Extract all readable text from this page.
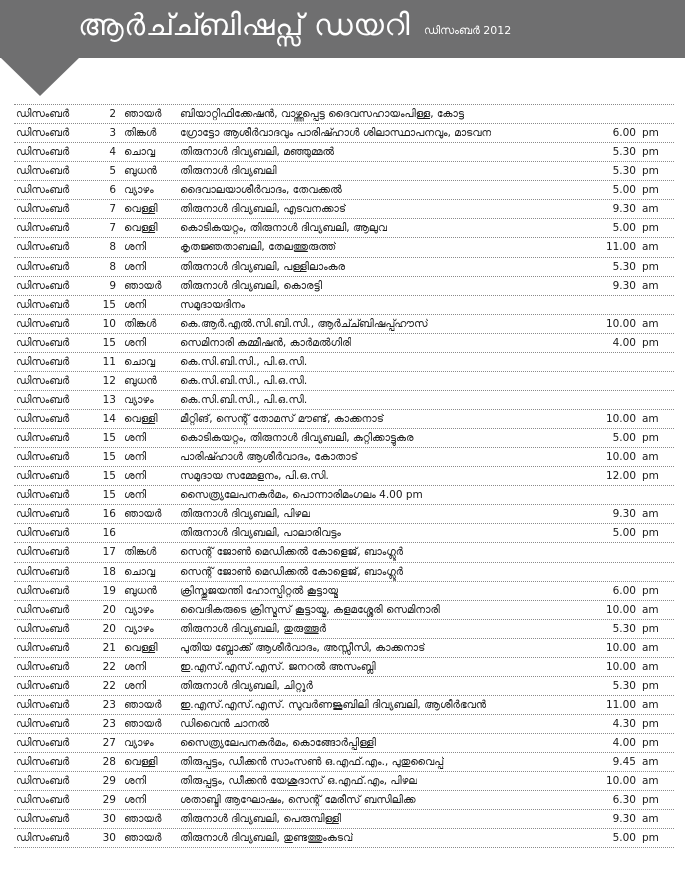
ആർച്ച്ബിഷപ്സ് ഡയറി ഡിസംബർ 2012
ഡിസംബർ	2 ഞായർ ബിയാറ്റിഫിക്കേഷൻ, വാഴ്ത്തപ്പെട്ട ദൈവസഹായംപിള്ള, കോട്ട
ഡിസംബർ	3 തിങ്കൾ ഗ്രോട്ടോ ആശീർവാദവും പാരിഷ്ഹാൾ ശിലാസ്ഥാപനവും, മാടവന	6.00 pm
ഡിസംബർ	4 ചൊവ്വ തിരുനാൾ ദിവ്യബലി, മഞ്ഞുമ്മൽ	5.30 pm
ഡിസംബർ	5 ബുധൻ തിരുനാൾ ദിവ്യബലി	5.30 pm
ഡിസംബർ	6 വ്യാഴം	ദൈവാലയാശീർവാദം, തേവക്കൽ	5.00 pm
ഡിസംബർ	7 വെള്ളി തിരുനാൾ ദിവ്യബലി, എടവനക്കാട്	9.30 am
ഡിസംബർ	7 വെള്ളി കൊടികയറ്റം, തിരുനാൾ ദിവ്യബലി, ആലുവ	5.00 pm
ഡിസംബർ	8 ശനി	കൃതജ്ഞതാബലി, തേലത്തുരുത്ത്	11.00 am
ഡിസംബർ	8 ശനി	തിരുനാൾ ദിവ്യബലി, പള്ളിലാംകര	5.30 pm
ഡിസംബർ	9 ഞായർ തിരുനാൾ ദിവ്യബലി, കൊരട്ടി	9.30 am
ഡിസംബർ	15 ശനി	സമുദായദിനം
ഡിസംബർ	10 തിങ്കൾ കെ.ആർ.എൽ.സി.ബി.സി., ആർച്ച്ബിഷപ്പ്ഹൗസ്	10.00 am
ഡിസംബർ	15 ശനി	സെമിനാരി കമ്മീഷൻ, കാർമൽഗിരി	4.00 pm
ഡിസംബർ	11 ചൊവ്വ കെ.സി.ബി.സി., പി.ഒ.സി.
ഡിസംബർ	12 ബുധൻ കെ.സി.ബി.സി., പി.ഒ.സി.
ഡിസംബർ	13 വ്യാഴം	കെ.സി.ബി.സി., പി.ഒ.സി.
ഡിസംബർ	14 വെള്ളി മീറ്റിങ്, സെന്റ് തോമസ് മൗണ്ട്, കാക്കനാട്	10.00 am
ഡിസംബർ	15 ശനി	കൊടികയറ്റം, തിരുനാൾ ദിവ്യബലി, കുറ്റിക്കാട്ടുകര	5.00 pm
ഡിസംബർ	15 ശനി	പാരിഷ്ഹാൾ ആശീർവാദം, കോതാട്	10.00 am
ഡിസംബർ	15 ശനി	സമുദായ സമ്മേളനം, പി.ഒ.സി.	12.00 pm
ഡിസംബർ	15 ശനി	സൈത്ര്യലേപനകർമം, പൊന്നാരിമംഗലം 4.00 pm
ഡിസംബർ	16 ഞായർ തിരുനാൾ ദിവ്യബലി, പിഴല	9.30 am
ഡിസംബർ	16	തിരുനാൾ ദിവ്യബലി, പാലാരിവട്ടം	5.00 pm
ഡിസംബർ	17 തിങ്കൾ സെന്റ് ജോൺ മെഡിക്കൽ കോളെജ്, ബാംഗ്ലൂർ
ഡിസംബർ	18 ചൊവ്വ സെന്റ് ജോൺ മെഡിക്കൽ കോളെജ്, ബാംഗ്ലൂർ
ഡിസംബർ	19 ബുധൻ ക്രിസ്തുജയന്തി ഹോസ്പിറ്റൽ കൂട്ടായ്മ	6.00 pm
ഡിസംബർ	20 വ്യാഴം	വൈദികരുടെ ക്രിസ്മസ് കൂട്ടായ്മ, കളമശ്ശേരി സെമിനാരി	10.00 am
ഡിസംബർ	20 വ്യാഴം	തിരുനാൾ ദിവ്യബലി, തുരുത്തൂർ	5.30 pm
ഡിസംബർ	21 വെള്ളി പുതിയ ബ്ലോക്ക് ആശീർവാദം, അസ്സീസി, കാക്കനാട്	10.00 am
ഡിസംബർ	22 ശനി	ഇ.എസ്.എസ്.എസ്. ജനറൽ അസംബ്ലി	10.00 am
ഡിസംബർ	22 ശനി	തിരുനാൾ ദിവ്യബലി, ചിറ്റൂർ	5.30 pm
ഡിസംബർ	23 ഞായർ ഇ.എസ്.എസ്.എസ്. സുവർണജൂബിലി ദിവ്യബലി, ആശീർഭവൻ	11.00 am
ഡിസംബർ	23 ഞായർ ഡിവൈൻ ചാനൽ	4.30 pm
ഡിസംബർ	27 വ്യാഴം	സൈത്ര്യലേപനകർമം, കൊങ്ങോർപ്പിള്ളി	4.00 pm
ഡിസംബർ	28 വെള്ളി തിരുപ്പട്ടം, ഡീക്കൻ സാംസൺ ഒ.എഫ്.എം., പുതുവൈപ്പ്	9.45 am
ഡിസംബർ	29 ശനി	തിരുപ്പട്ടം, ഡീക്കൻ യേശുദാസ് ഒ.എഫ്.എം, പിഴല	10.00 am
ഡിസംബർ	29 ശനി	ശതാബ്ദി ആഘോഷം, സെന്റ് മേരീസ് ബസിലിക്ക	6.30 pm
ഡിസംബർ	30 ഞായർ തിരുനാൾ ദിവ്യബലി, പെരുമ്പിള്ളി	9.30 am
ഡിസംബർ	30 ഞായർ തിരുനാൾ ദിവ്യബലി, തുണ്ടത്തുംകടവ്	5.00 pm
